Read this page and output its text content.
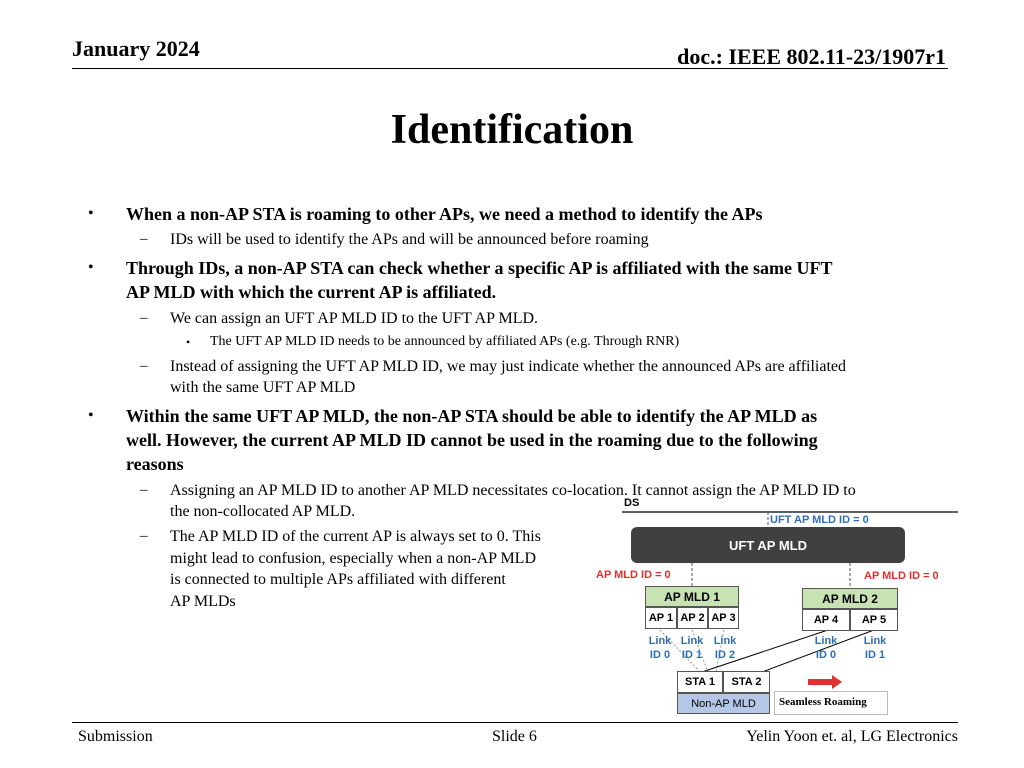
January 2024	doc.: IEEE 802.11-23/1907r1
Identification
• When a non-AP STA is roaming to other APs, we need a method to identify the APs
– IDs will be used to identify the APs and will be announced before roaming
• Through IDs, a non-AP STA can check whether a specific AP is affiliated with the same UFT
AP MLD with which the current AP is affiliated.
– We can assign an UFT AP MLD ID to the UFT AP MLD.
• The UFT AP MLD ID needs to be announced by affiliated APs (e.g. Through RNR)
– Instead of assigning the UFT AP MLD ID, we may just indicate whether the announced APs are affiliated
with the same UFT AP MLD
• Within the same UFT AP MLD, the non-AP STA should be able to identify the AP MLD as
well. However, the current AP MLD ID cannot be used in the roaming due to the following
reasons
– Assigning an AP MLD ID to another AP MLD necessitates co-location. It cannot assign the AP MLD ID to
the non-collocated AP MLD.
– The AP MLD ID of the current AP is always set to 0. This
might lead to confusion, especially when a non-AP MLD
is connected to multiple APs affiliated with different
AP MLDs
DS
UFT AP MLD ID = 0
UFT AP MLD
AP MLD ID = 0	AP MLD ID = 0
AP MLD 1
AP 1 AP 2 AP 3
AP MLD 2
AP 4	AP 5
Link
ID 0
Link
ID 1
Link
ID 2
Link
ID 0
Link
ID 1
STA 1	STA 2
Non-AP MLD	Seamless Roaming
Submission	Slide 6	Yelin Yoon et. al, LG Electronics
